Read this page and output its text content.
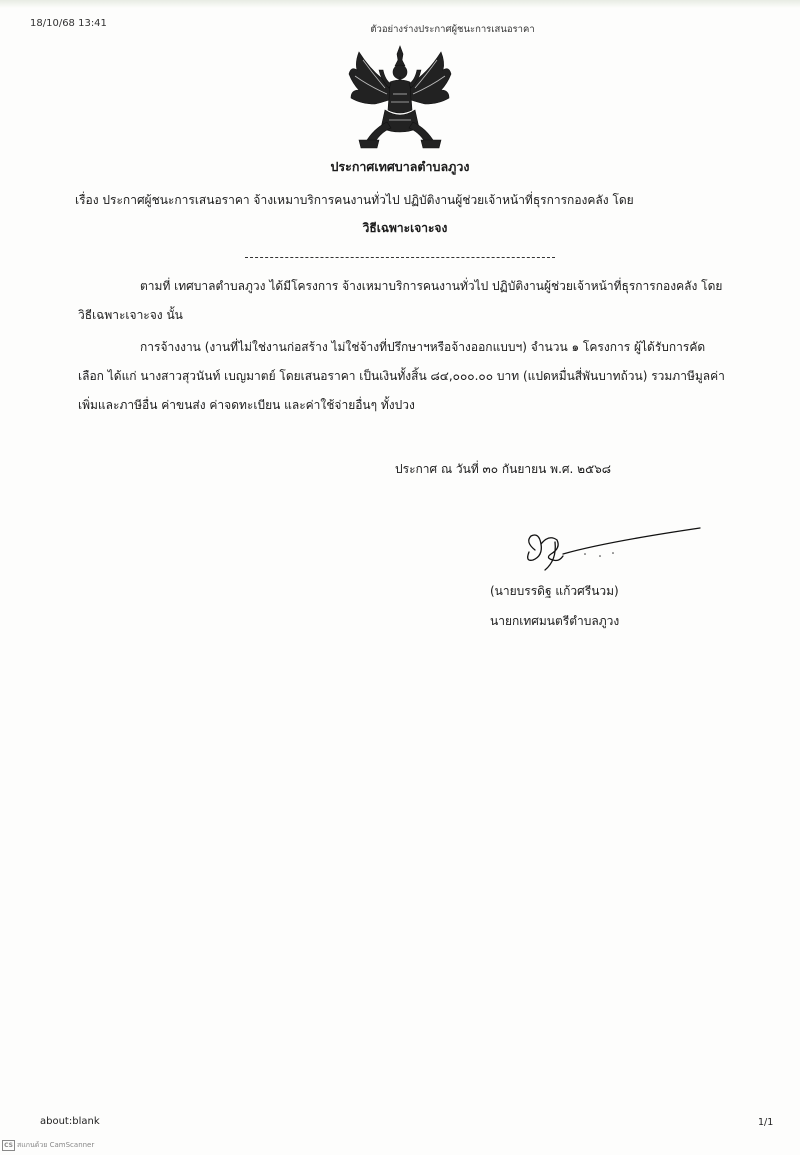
18/10/68 13:41
ตัวอย่างร่างประกาศผู้ชนะการเสนอราคา
ประกาศเทศบาลตำบลภูวง
เรื่อง ประกาศผู้ชนะการเสนอราคา จ้างเหมาบริการคนงานทั่วไป ปฏิบัติงานผู้ช่วยเจ้าหน้าที่ธุรการกองคลัง โดย
วิธีเฉพาะเจาะจง

ตามที่ เทศบาลตำบลภูวง ได้มีโครงการ จ้างเหมาบริการคนงานทั่วไป ปฏิบัติงานผู้ช่วยเจ้าหน้าที่ธุรการกองคลัง โดยวิธีเฉพาะเจาะจง นั้น

การจ้างงาน (งานที่ไม่ใช่งานก่อสร้าง ไม่ใช่จ้างที่ปรึกษาฯหรือจ้างออกแบบฯ) จำนวน ๑ โครงการ ผู้ได้รับการคัดเลือก ได้แก่ นางสาวสุวนันท์ เบญมาตย์ โดยเสนอราคา เป็นเงินทั้งสิ้น ๘๔,๐๐๐.๐๐ บาท (แปดหมื่นสี่พันบาทถ้วน) รวมภาษีมูลค่าเพิ่มและภาษีอื่น ค่าขนส่ง ค่าจดทะเบียน และค่าใช้จ่ายอื่นๆ ทั้งปวง

ประกาศ ณ วันที่ ๓๐ กันยายน พ.ศ. ๒๕๖๘
(นายบรรดิฐ แก้วศรีนวม)
นายกเทศมนตรีตำบลภูวง
about:blank	1/1
CS สแกนด้วย CamScanner
